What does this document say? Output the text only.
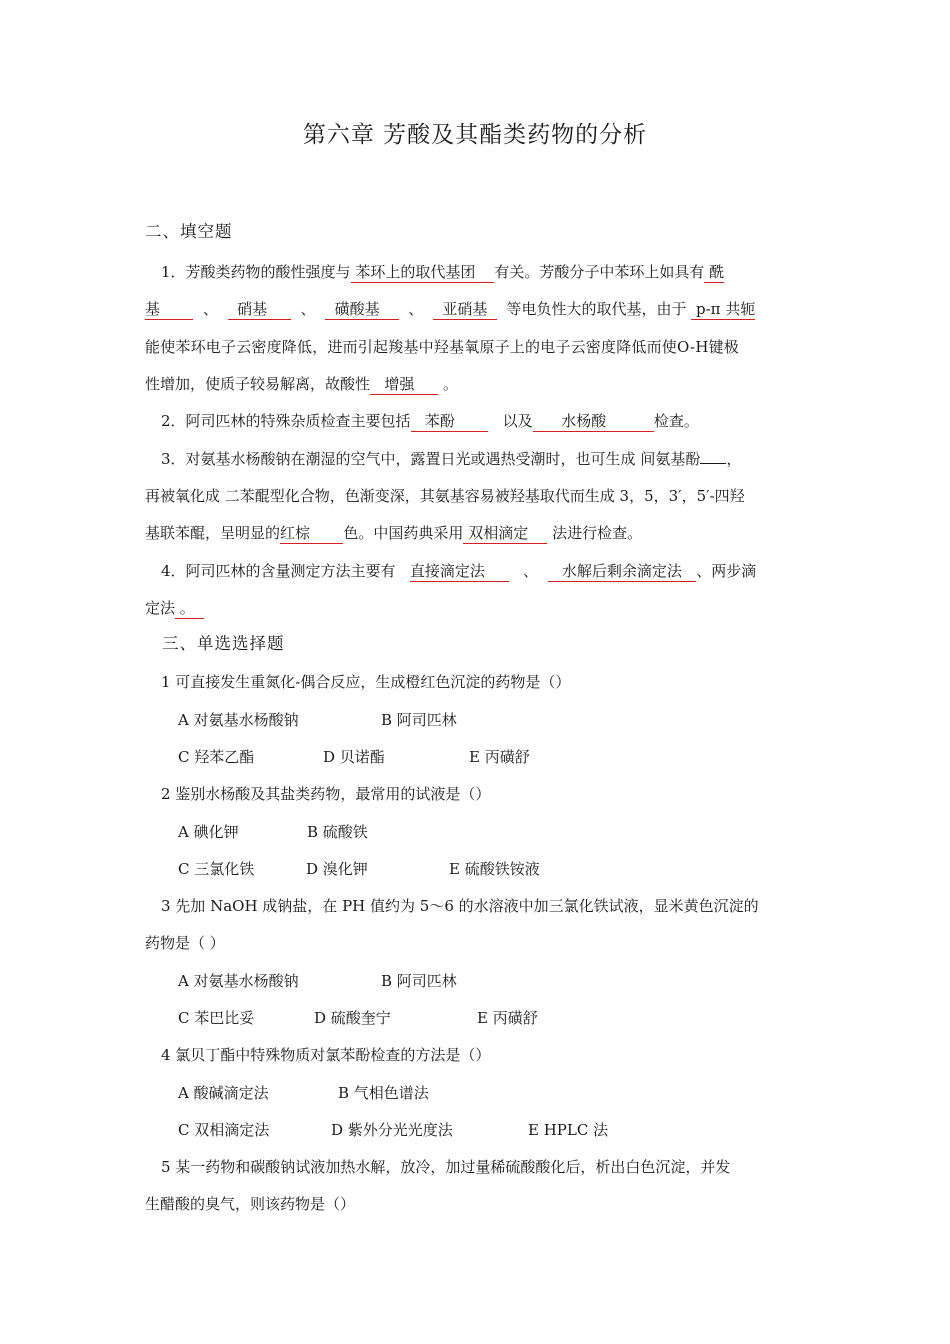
第六章 芳酸及其酯类药物的分析
二、填空题
1．芳酸类药物的酸性强度与 苯环上的取代基团 有关。芳酸分子中苯环上如具有 酰
基	、 硝基 、 磺酸基 、 亚硝基 等电负性大的取代基，由于 p-π 共轭
能使苯环电子云密度降低，进而引起羧基中羟基氧原子上的电子云密度降低而使O-H键极
性增加，使质子较易解离，故酸性 增强 。
2．阿司匹林的特殊杂质检查主要包括 苯酚	以及 水杨酸	检查。
3．对氨基水杨酸钠在潮湿的空气中，露置日光或遇热受潮时，也可生成 间氨基酚 ，
再被氧化成 二苯醌型化合物，色渐变深，其氨基容易被羟基取代而生成 3，5，3′，5′-四羟
基联苯醌，呈明显的红棕 色。中国药典采用 双相滴定 法进行检查。
4．阿司匹林的含量测定方法主要有 直接滴定法	、 水解后剩余滴定法 、两步滴
定法 。
三、单选选择题
1 可直接发生重氮化-偶合反应，生成橙红色沉淀的药物是（）
A 对氨基水杨酸钠	B 阿司匹林
C 羟苯乙酯	D 贝诺酯	E 丙磺舒
2 鉴别水杨酸及其盐类药物，最常用的试液是（）
A 碘化钾	B 硫酸铁
C 三氯化铁	D 溴化钾	E 硫酸铁铵液
3 先加 NaOH 成钠盐，在 PH 值约为 5～6 的水溶液中加三氯化铁试液，显米黄色沉淀的
药物是（ ）
A 对氨基水杨酸钠	B 阿司匹林
C 苯巴比妥	D 硫酸奎宁	E 丙磺舒
4 氯贝丁酯中特殊物质对氯苯酚检查的方法是（）
A 酸碱滴定法	B 气相色谱法
C 双相滴定法	D 紫外分光光度法	E HPLC 法
5 某一药物和碳酸钠试液加热水解，放冷，加过量稀硫酸酸化后，析出白色沉淀，并发
生醋酸的臭气，则该药物是（）
